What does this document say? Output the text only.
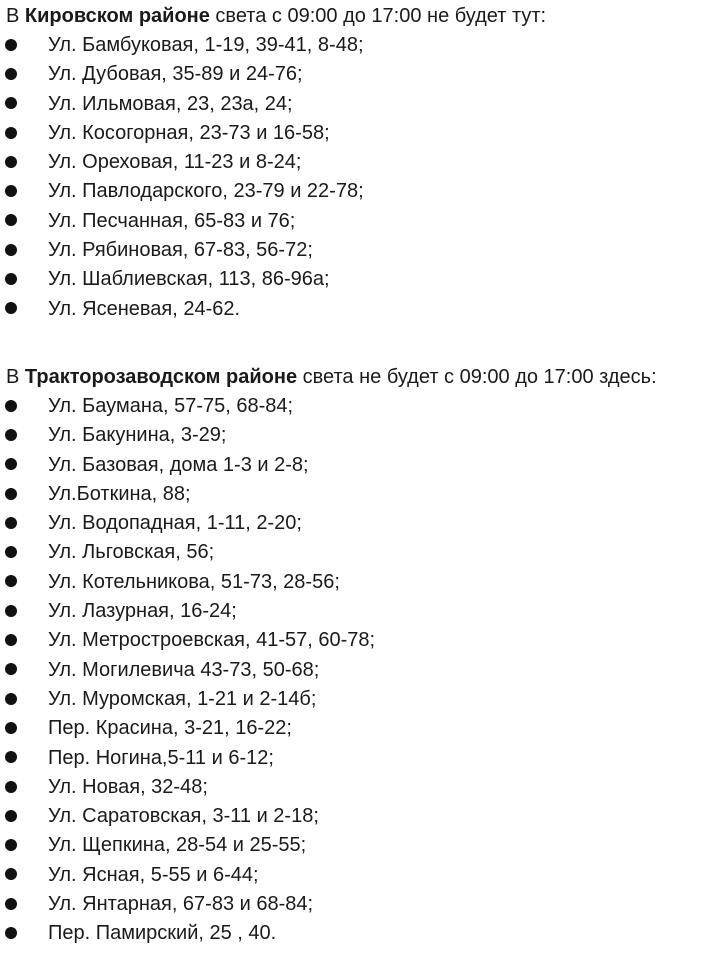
В Кировском районе света с 09:00 до 17:00 не будет тут:

Ул. Бамбуковая, 1-19, 39-41, 8-48;
Ул. Дубовая, 35-89 и 24-76;
Ул. Ильмовая, 23, 23а, 24;
Ул. Косогорная, 23-73 и 16-58;
Ул. Ореховая, 11-23 и 8-24;
Ул. Павлодарского, 23-79 и 22-78;
Ул. Песчанная, 65-83 и 76;
Ул. Рябиновая, 67-83, 56-72;
Ул. Шаблиевская, 113, 86-96а;
Ул. Ясеневая, 24-62.

В Тракторозаводском районе света не будет с 09:00 до 17:00 здесь:

Ул. Баумана, 57-75, 68-84;
Ул. Бакунина, 3-29;
Ул. Базовая, дома 1-3 и 2-8;
Ул.Боткина, 88;
Ул. Водопадная, 1-11, 2-20;
Ул. Льговская, 56;
Ул. Котельникова, 51-73, 28-56;
Ул. Лазурная, 16-24;
Ул. Метростроевская, 41-57, 60-78;
Ул. Могилевича 43-73, 50-68;
Ул. Муромская, 1-21 и 2-14б;
Пер. Красина, 3-21, 16-22;
Пер. Ногина,5-11 и 6-12;
Ул. Новая, 32-48;
Ул. Саратовская, 3-11 и 2-18;
Ул. Щепкина, 28-54 и 25-55;
Ул. Ясная, 5-55 и 6-44;
Ул. Янтарная, 67-83 и 68-84;
Пер. Памирский, 25 , 40.
